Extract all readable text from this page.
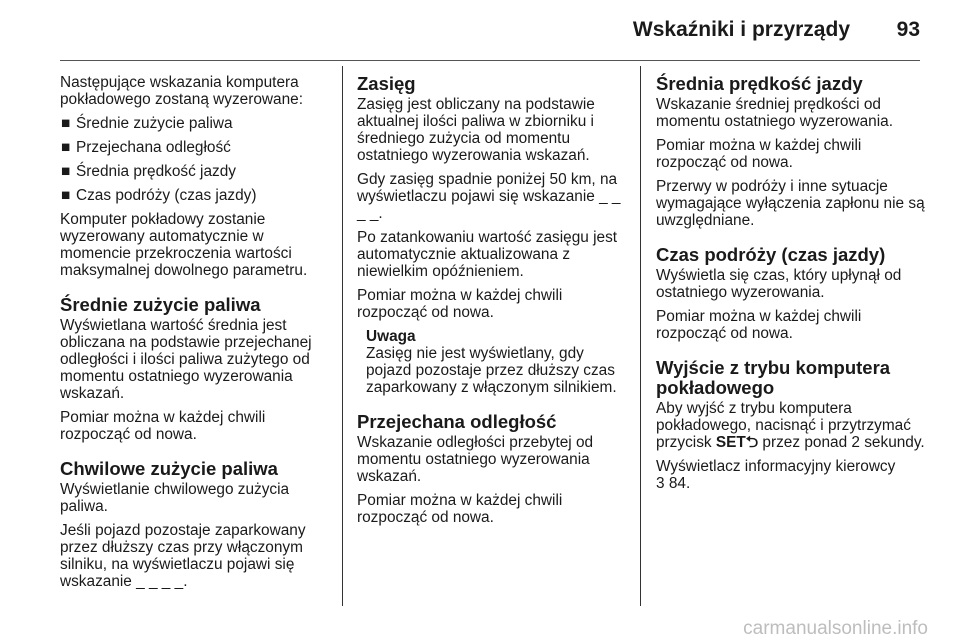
Wskaźniki i przyrządy 93

Następujące wskazania komputera pokładowego zostaną wyzerowane:

■ Średnie zużycie paliwa
■ Przejechana odległość
■ Średnia prędkość jazdy
■ Czas podróży (czas jazdy)

Komputer pokładowy zostanie wyzerowany automatycznie w momencie przekroczenia wartości maksymalnej dowolnego parametru.

Średnie zużycie paliwa

Wyświetlana wartość średnia jest obliczana na podstawie przejechanej odległości i ilości paliwa zużytego od momentu ostatniego wyzerowania wskazań.

Pomiar można w każdej chwili rozpocząć od nowa.

Chwilowe zużycie paliwa

Wyświetlanie chwilowego zużycia paliwa.

Jeśli pojazd pozostaje zaparkowany przez dłuższy czas przy włączonym silniku, na wyświetlaczu pojawi się wskazanie _ _ _ _.

Zasięg

Zasięg jest obliczany na podstawie aktualnej ilości paliwa w zbiorniku i średniego zużycia od momentu ostatniego wyzerowania wskazań.

Gdy zasięg spadnie poniżej 50 km, na wyświetlaczu pojawi się wskazanie _ _ _ _.

Po zatankowaniu wartość zasięgu jest automatycznie aktualizowana z niewielkim opóźnieniem.

Pomiar można w każdej chwili rozpocząć od nowa.

Uwaga

Zasięg nie jest wyświetlany, gdy pojazd pozostaje przez dłuższy czas zaparkowany z włączonym silnikiem.

Przejechana odległość

Wskazanie odległości przebytej od momentu ostatniego wyzerowania wskazań.

Pomiar można w każdej chwili rozpocząć od nowa.

Średnia prędkość jazdy

Wskazanie średniej prędkości od momentu ostatniego wyzerowania.

Pomiar można w każdej chwili rozpocząć od nowa.

Przerwy w podróży i inne sytuacje wymagające wyłączenia zapłonu nie są uwzględniane.

Czas podróży (czas jazdy)

Wyświetla się czas, który upłynął od ostatniego wyzerowania.

Pomiar można w każdej chwili rozpocząć od nowa.

Wyjście z trybu komputera pokładowego

Aby wyjść z trybu komputera pokładowego, nacisnąć i przytrzymać przycisk SET⮌ przez ponad 2 sekundy.

Wyświetlacz informacyjny kierowcy
3 84.

carmanualsonline.info
